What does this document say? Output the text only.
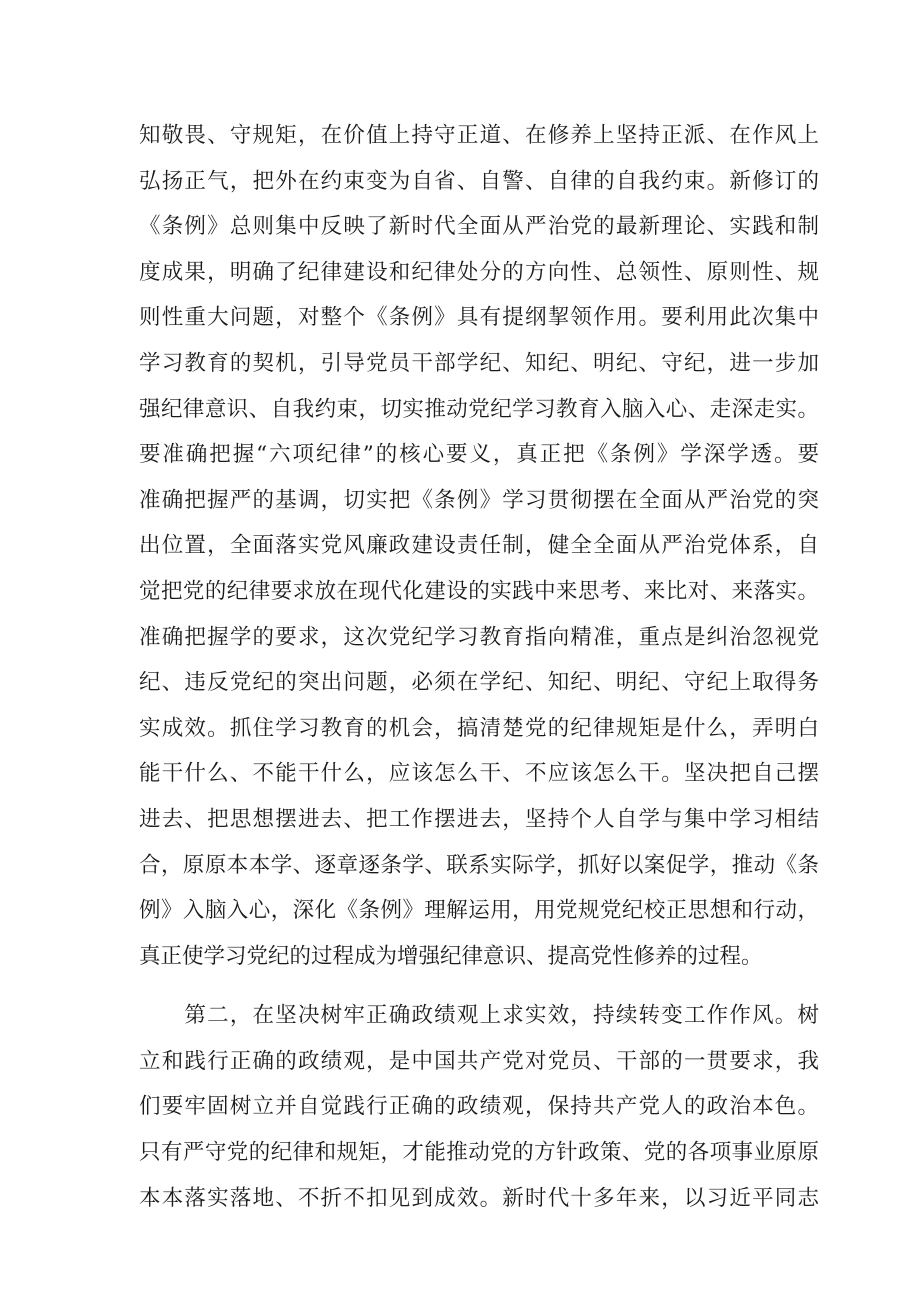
知敬畏、守规矩，在价值上持守正道、在修养上坚持正派、在作风上
弘扬正气，把外在约束变为自省、自警、自律的自我约束。新修订的
《条例》总则集中反映了新时代全面从严治党的最新理论、实践和制
度成果，明确了纪律建设和纪律处分的方向性、总领性、原则性、规
则性重大问题，对整个《条例》具有提纲挈领作用。要利用此次集中
学习教育的契机，引导党员干部学纪、知纪、明纪、守纪，进一步加
强纪律意识、自我约束，切实推动党纪学习教育入脑入心、走深走实。
要准确把握“六项纪律”的核心要义，真正把《条例》学深学透。要
准确把握严的基调，切实把《条例》学习贯彻摆在全面从严治党的突
出位置，全面落实党风廉政建设责任制，健全全面从严治党体系，自
觉把党的纪律要求放在现代化建设的实践中来思考、来比对、来落实。
准确把握学的要求，这次党纪学习教育指向精准，重点是纠治忽视党
纪、违反党纪的突出问题，必须在学纪、知纪、明纪、守纪上取得务
实成效。抓住学习教育的机会，搞清楚党的纪律规矩是什么，弄明白
能干什么、不能干什么，应该怎么干、不应该怎么干。坚决把自己摆
进去、把思想摆进去、把工作摆进去，坚持个人自学与集中学习相结
合，原原本本学、逐章逐条学、联系实际学，抓好以案促学，推动《条
例》入脑入心，深化《条例》理解运用，用党规党纪校正思想和行动，
真正使学习党纪的过程成为增强纪律意识、提高党性修养的过程。
　　第二，在坚决树牢正确政绩观上求实效，持续转变工作作风。树
立和践行正确的政绩观，是中国共产党对党员、干部的一贯要求，我
们要牢固树立并自觉践行正确的政绩观，保持共产党人的政治本色。
只有严守党的纪律和规矩，才能推动党的方针政策、党的各项事业原原
本本落实落地、不折不扣见到成效。新时代十多年来，以习近平同志
